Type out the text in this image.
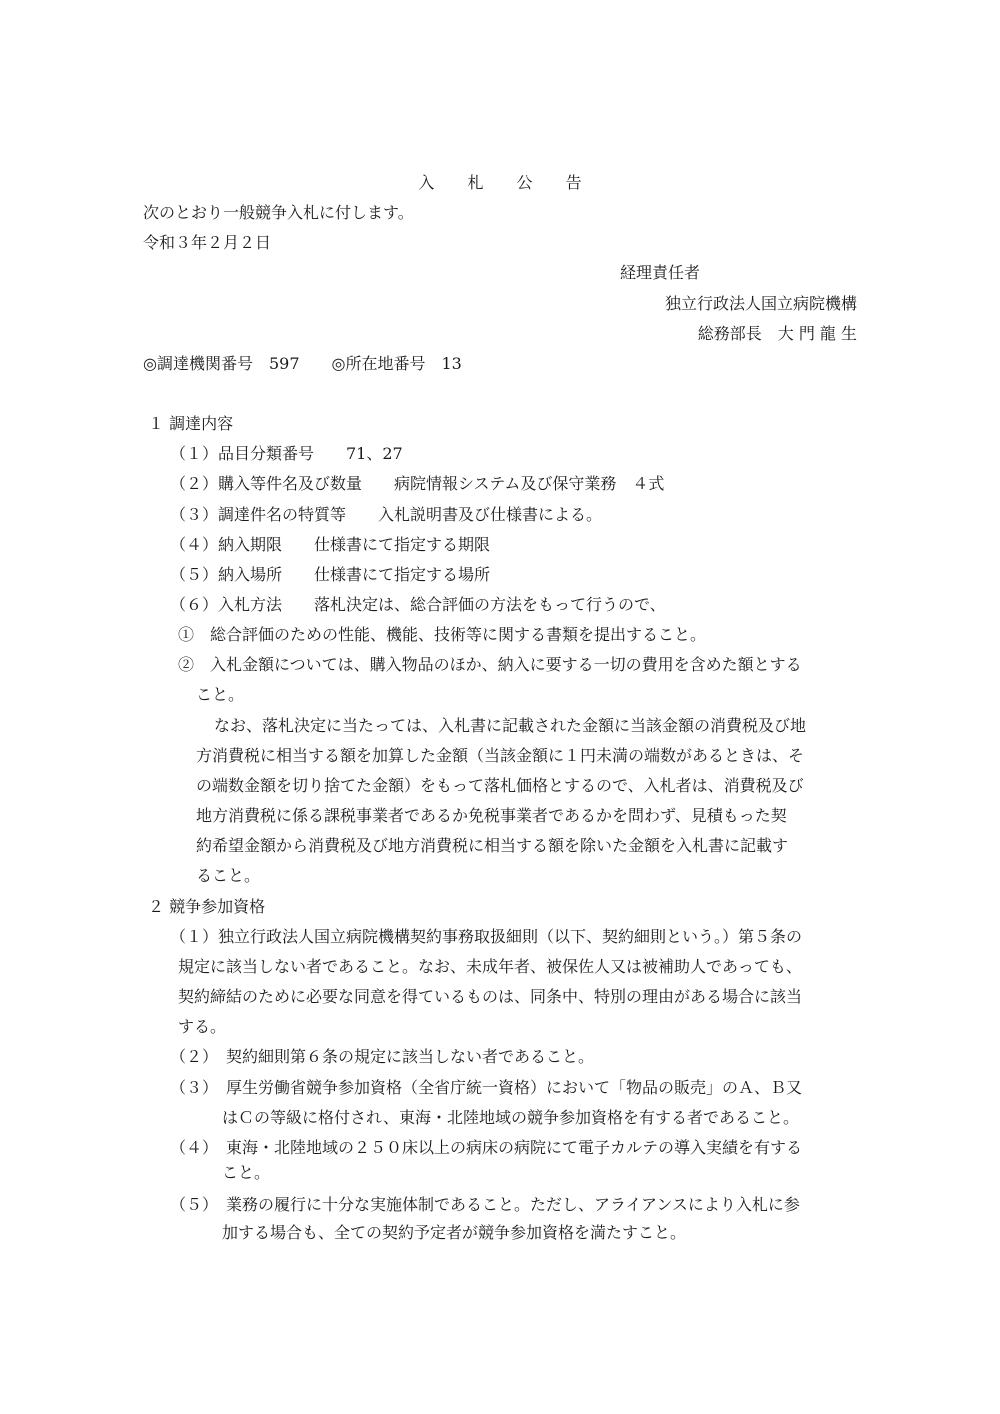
入 札 公 告
次のとおり一般競争入札に付します。
令和３年２月２日
経理責任者
独立行政法人国立病院機構
総務部長　大 門 龍 生
◎調達機関番号　597　　◎所在地番号　13
１ 調達内容
（１）品目分類番号　　71、27
（２）購入等件名及び数量　　病院情報システム及び保守業務　４式
（３）調達件名の特質等　　入札説明書及び仕様書による。
（４）納入期限　　仕様書にて指定する期限
（５）納入場所　　仕様書にて指定する場所
（６）入札方法　　落札決定は、総合評価の方法をもって行うので、
①　総合評価のための性能、機能、技術等に関する書類を提出すること。
②　入札金額については、購入物品のほか、納入に要する一切の費用を含めた額とする
こと。
なお、落札決定に当たっては、入札書に記載された金額に当該金額の消費税及び地
方消費税に相当する額を加算した金額（当該金額に１円未満の端数があるときは、そ
の端数金額を切り捨てた金額）をもって落札価格とするので、入札者は、消費税及び
地方消費税に係る課税事業者であるか免税事業者であるかを問わず、見積もった契
約希望金額から消費税及び地方消費税に相当する額を除いた金額を入札書に記載す
ること。
２ 競争参加資格
（１）独立行政法人国立病院機構契約事務取扱細則（以下、契約細則という。）第５条の
規定に該当しない者であること。なお、未成年者、被保佐人又は被補助人であっても、
契約締結のために必要な同意を得ているものは、同条中、特別の理由がある場合に該当
する。
（２）　契約細則第６条の規定に該当しない者であること。
（３）　厚生労働省競争参加資格（全省庁統一資格）において「物品の販売」のＡ、Ｂ又
はＣの等級に格付され、東海・北陸地域の競争参加資格を有する者であること。
（４）　東海・北陸地域の２５０床以上の病床の病院にて電子カルテの導入実績を有する
こと。
（５）　業務の履行に十分な実施体制であること。ただし、アライアンスにより入札に参
加する場合も、全ての契約予定者が競争参加資格を満たすこと。
